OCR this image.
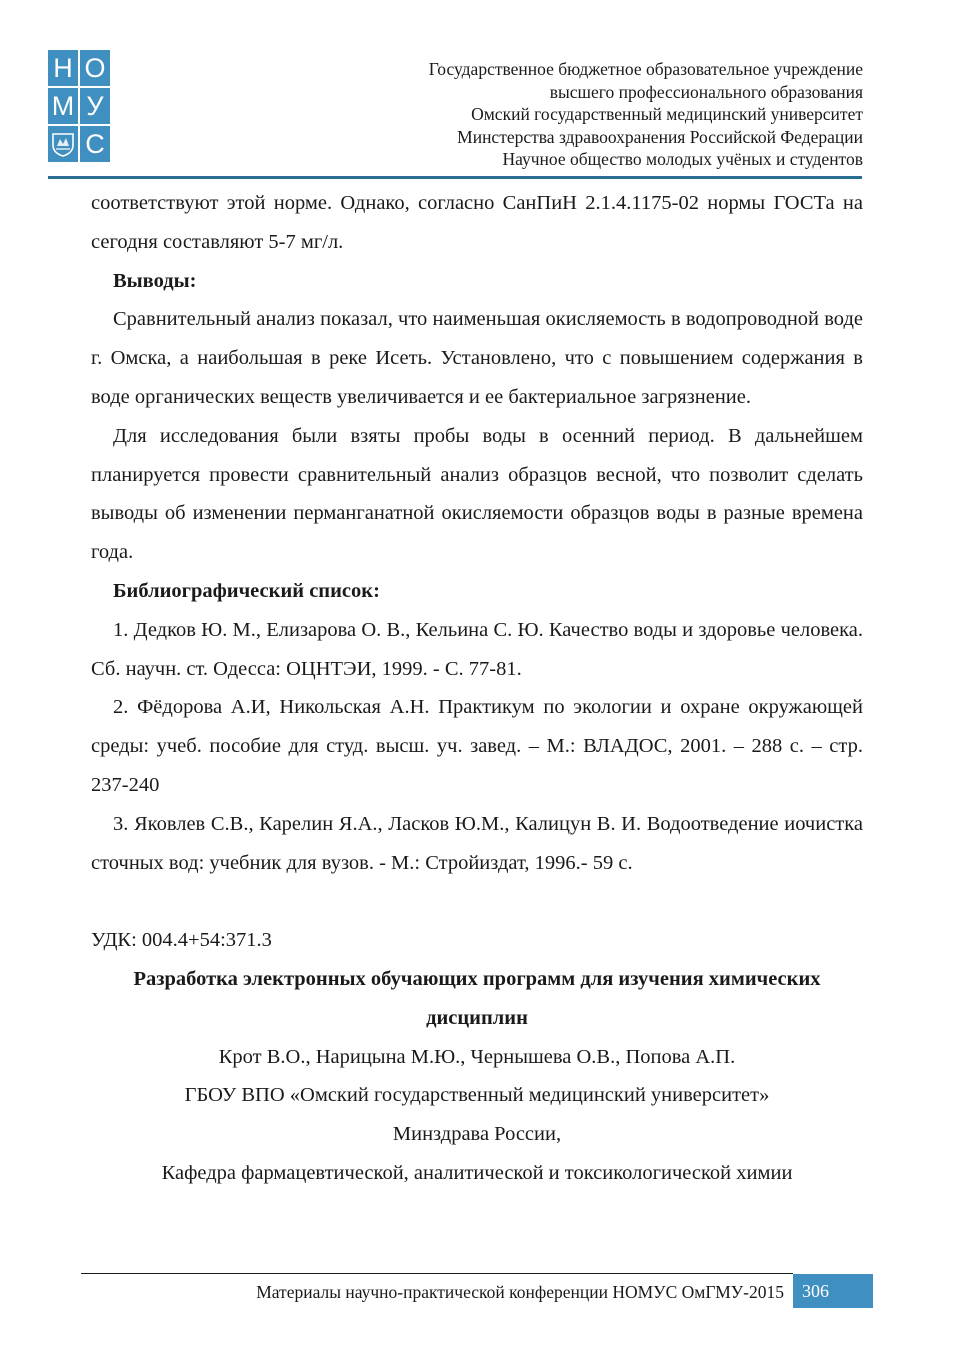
Н О
М У
С
Государственное бюджетное образовательное учреждение
высшего профессионального образования
Омский государственный медицинский университет
Минстерства здравоохранения Российской Федерации
Научное общество молодых учёных и студентов

соответствуют этой норме. Однако, согласно СанПиН 2.1.4.1175-02 нормы ГОСТа на сегодня составляют 5-7 мг/л.

Выводы:

Сравнительный анализ показал, что наименьшая окисляемость в водопроводной воде г. Омска, а наибольшая в реке Исеть. Установлено, что с повышением содержания в воде органических веществ увеличивается и ее бактериальное загрязнение.

Для исследования были взяты пробы воды в осенний период. В дальнейшем планируется провести сравнительный анализ образцов весной, что позволит сделать выводы об изменении перманганатной окисляемости образцов воды в разные времена года.

Библиографический список:

1. Дедков Ю. М., Елизарова О. В., Кельина С. Ю. Качество воды и здоровье человека. Сб. научн. ст. Одесса: ОЦНТЭИ, 1999. - С. 77-81.

2. Фёдорова А.И, Никольская А.Н. Практикум по экологии и охране окружающей среды: учеб. пособие для студ. высш. уч. завед. – М.: ВЛАДОС, 2001. – 288 с. – стр. 237-240

3. Яковлев С.В., Карелин Я.А., Ласков Ю.М., Калицун В. И. Водоотведение иочистка сточных вод: учебник для вузов. - М.: Стройиздат, 1996.- 59 с.

УДК: 004.4+54:371.3

Разработка электронных обучающих программ для изучения химических дисциплин

Крот В.О., Нарицына М.Ю., Чернышева О.В., Попова А.П.

ГБОУ ВПО «Омский государственный медицинский университет»

Минздрава России,

Кафедра фармацевтической, аналитической и токсикологической химии

Материалы научно-практической конференции НОМУС ОмГМУ-2015	306
